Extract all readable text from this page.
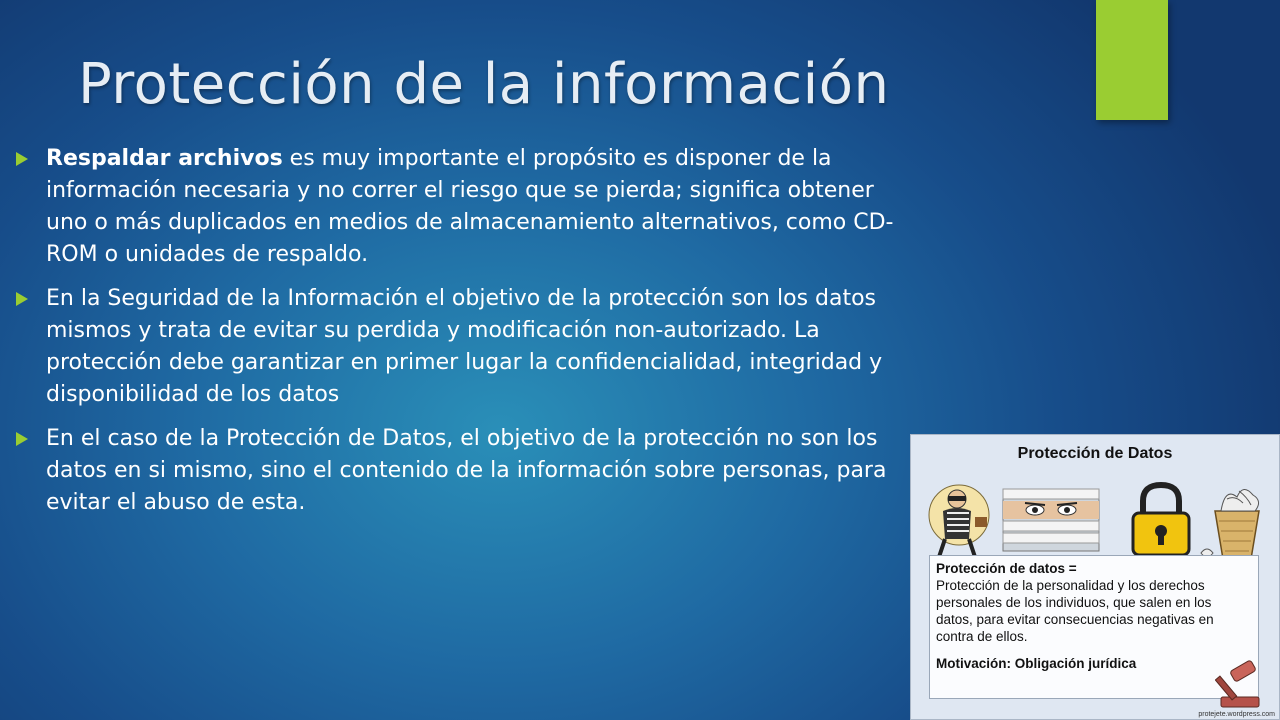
Protección de la información
Respaldar archivos es muy importante el propósito es disponer de la información necesaria y no correr el riesgo que se pierda; significa obtener uno o más duplicados en medios de almacenamiento alternativos, como CD-ROM o unidades de respaldo.
En la Seguridad de la Información el objetivo de la protección son los datos mismos y trata de evitar su perdida y modificación non-autorizado. La protección debe garantizar en primer lugar la confidencialidad, integridad y disponibilidad de los datos
En el caso de la Protección de Datos, el objetivo de la protección no son los datos en si mismo, sino el contenido de la información sobre personas, para evitar el abuso de esta.
Protección de Datos
Protección de datos =
Protección de la personalidad y los derechos
personales de los individuos, que salen en los
datos, para evitar consecuencias negativas en
contra de ellos.
Motivación: Obligación jurídica
protejete.wordpress.com
